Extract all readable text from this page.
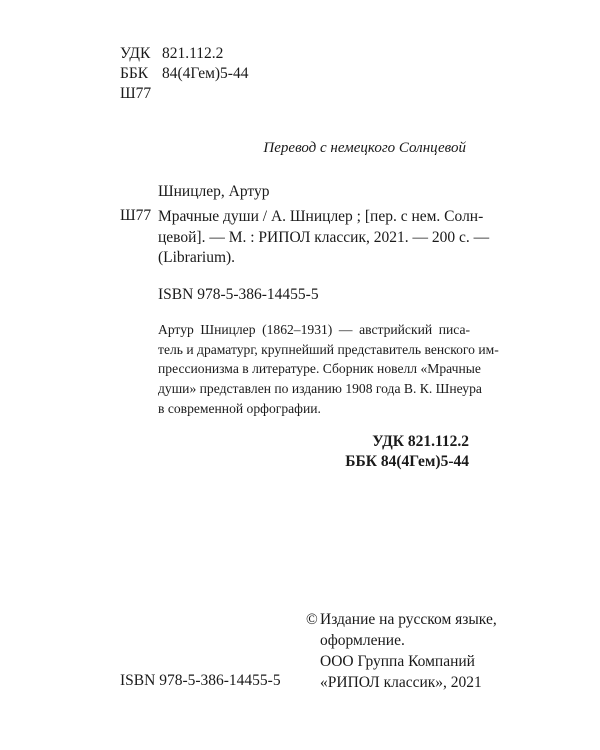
УДК 821.112.2
ББК 84(4Гем)5-44
Ш77
Перевод с немецкого Солнцевой
Шницлер, Артур
Ш77 Мрачные души / А. Шницлер ; [пер. с нем. Солн-
цевой]. — М. : РИПОЛ классик, 2021. — 200 с. —
(Librarium).
ISBN 978-5-386-14455-5
Артур Шницлер (1862–1931) — австрийский писа-
тель и драматург, крупнейший представитель венского им-
прессионизма в литературе. Сборник новелл «Мрачные
души» представлен по изданию 1908 года В. К. Шнеура
в современной орфографии.
УДК 821.112.2
ББК 84(4Гем)5-44
ISBN 978-5-386-14455-5
© Издание на русском языке,
оформление.
ООО Группа Компаний
«РИПОЛ классик», 2021
